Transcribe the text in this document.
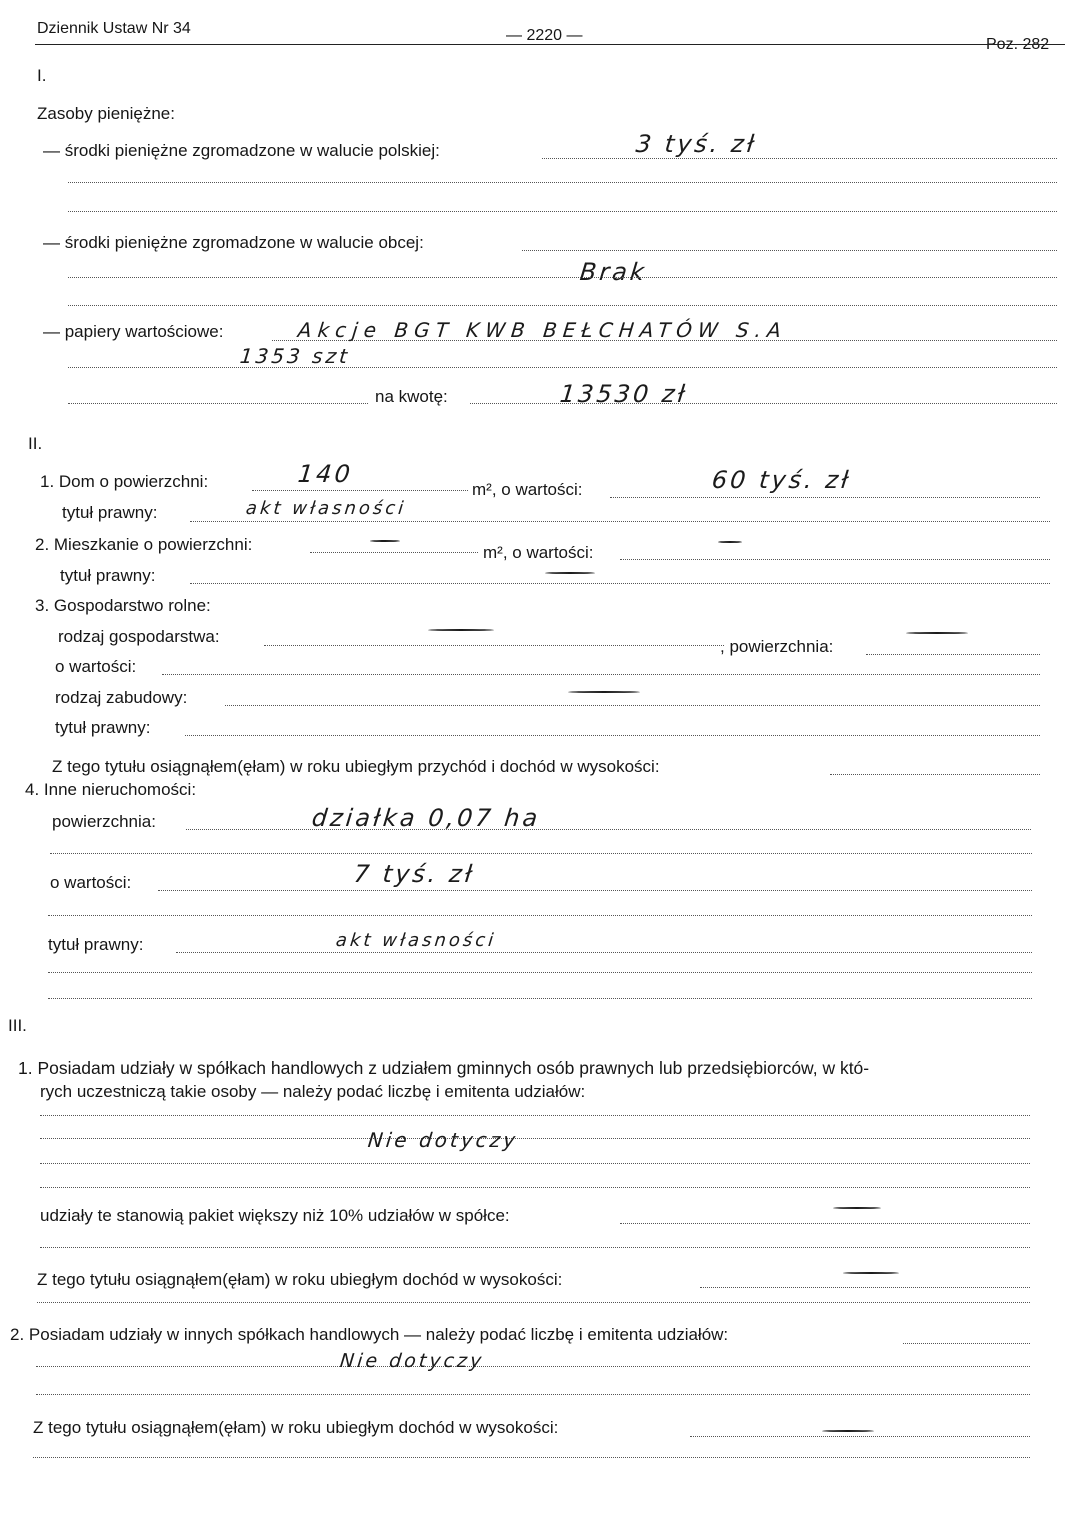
Dziennik Ustaw Nr 34	— 2220 —
Poz. 282
I.
Zasoby pieniężne:
— środki pieniężne zgromadzone w walucie polskiej:	3 tyś. zł
— środki pieniężne zgromadzone w walucie obcej:
Brak
— papiery wartościowe:	Akcje BGT KWB BEŁCHATÓW S.A
1353 szt
na kwotę:	13530 zł
II.
1. Dom o powierzchni:	140
m², o wartości:	60 tyś. zł
tytuł prawny:	akt własności
2. Mieszkanie o powierzchni:	m², o wartości:
tytuł prawny:
3. Gospodarstwo rolne:
rodzaj gospodarstwa:
, powierzchnia:
o wartości:
rodzaj zabudowy:
tytuł prawny:
Z tego tytułu osiągnąłem(ęłam) w roku ubiegłym przychód i dochód w wysokości:
4. Inne nieruchomości:
powierzchnia:	działka 0,07 ha
o wartości:	7 tyś. zł
tytuł prawny:	akt własności
III.
1. Posiadam udziały w spółkach handlowych z udziałem gminnych osób prawnych lub przedsiębiorców, w któ-
rych uczestniczą takie osoby — należy podać liczbę i emitenta udziałów:
Nie dotyczy
udziały te stanowią pakiet większy niż 10% udziałów w spółce:
Z tego tytułu osiągnąłem(ęłam) w roku ubiegłym dochód w wysokości:
2. Posiadam udziały w innych spółkach handlowych — należy podać liczbę i emitenta udziałów:
Nie dotyczy
Z tego tytułu osiągnąłem(ęłam) w roku ubiegłym dochód w wysokości:
